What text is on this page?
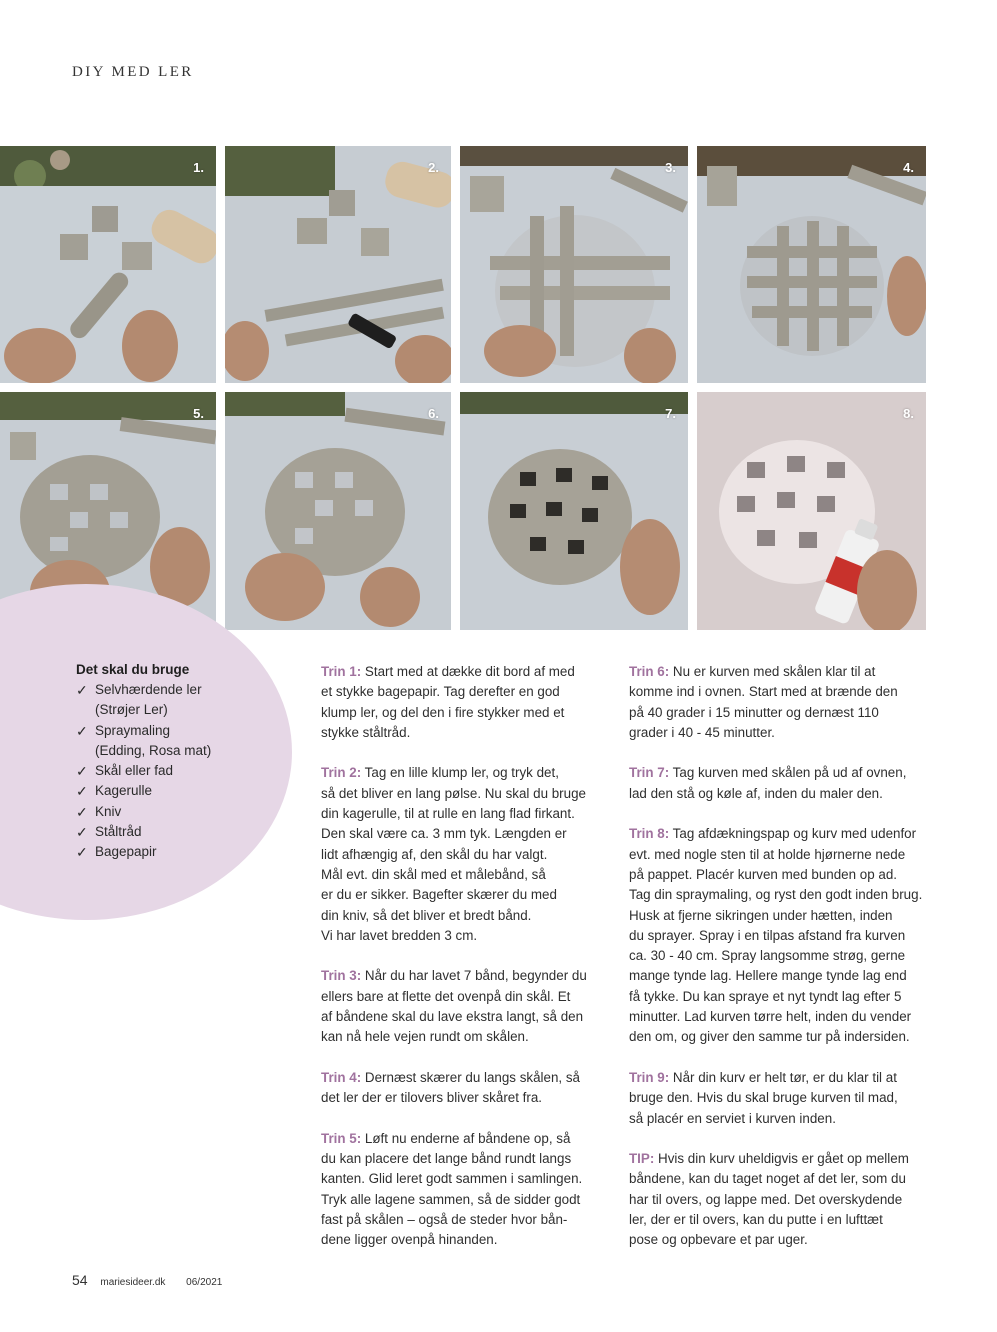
DIY MED LER
1.	2.	3.	4.
5.	6.	7.	8.
Det skal du bruge
✓ Selvhærdende ler
(Strøjer Ler)
✓ Spraymaling
(Edding, Rosa mat)
✓ Skål eller fad
✓ Kagerulle
✓ Kniv
✓ Ståltråd
✓ Bagepapir

Trin 1: Start med at dække dit bord af med
et stykke bagepapir. Tag derefter en god
klump ler, og del den i fire stykker med et
stykke ståltråd.

Trin 2: Tag en lille klump ler, og tryk det,
så det bliver en lang pølse. Nu skal du bruge
din kagerulle, til at rulle en lang flad firkant.
Den skal være ca. 3 mm tyk. Længden er
lidt afhængig af, den skål du har valgt.
Mål evt. din skål med et målebånd, så
er du er sikker. Bagefter skærer du med
din kniv, så det bliver et bredt bånd.
Vi har lavet bredden 3 cm.

Trin 3: Når du har lavet 7 bånd, begynder du
ellers bare at flette det ovenpå din skål. Et
af båndene skal du lave ekstra langt, så den
kan nå hele vejen rundt om skålen.

Trin 4: Dernæst skærer du langs skålen, så
det ler der er tilovers bliver skåret fra.

Trin 5: Løft nu enderne af båndene op, så
du kan placere det lange bånd rundt langs
kanten. Glid leret godt sammen i samlingen.
Tryk alle lagene sammen, så de sidder godt
fast på skålen – også de steder hvor bån-
dene ligger ovenpå hinanden.

Trin 6: Nu er kurven med skålen klar til at
komme ind i ovnen. Start med at brænde den
på 40 grader i 15 minutter og dernæst 110
grader i 40 - 45 minutter.

Trin 7: Tag kurven med skålen på ud af ovnen,
lad den stå og køle af, inden du maler den.

Trin 8: Tag afdækningspap og kurv med udenfor
evt. med nogle sten til at holde hjørnerne nede
på pappet. Placér kurven med bunden op ad.
Tag din spraymaling, og ryst den godt inden brug.
Husk at fjerne sikringen under hætten, inden
du sprayer. Spray i en tilpas afstand fra kurven
ca. 30 - 40 cm. Spray langsomme strøg, gerne
mange tynde lag. Hellere mange tynde lag end
få tykke. Du kan spraye et nyt tyndt lag efter 5
minutter. Lad kurven tørre helt, inden du vender
den om, og giver den samme tur på indersiden.

Trin 9: Når din kurv er helt tør, er du klar til at
bruge den. Hvis du skal bruge kurven til mad,
så placér en serviet i kurven inden.

TIP: Hvis din kurv uheldigvis er gået op mellem
båndene, kan du taget noget af det ler, som du
har til overs, og lappe med. Det overskydende
ler, der er til overs, kan du putte i en lufttæt
pose og opbevare et par uger.

54 mariesideer.dk 06/2021
